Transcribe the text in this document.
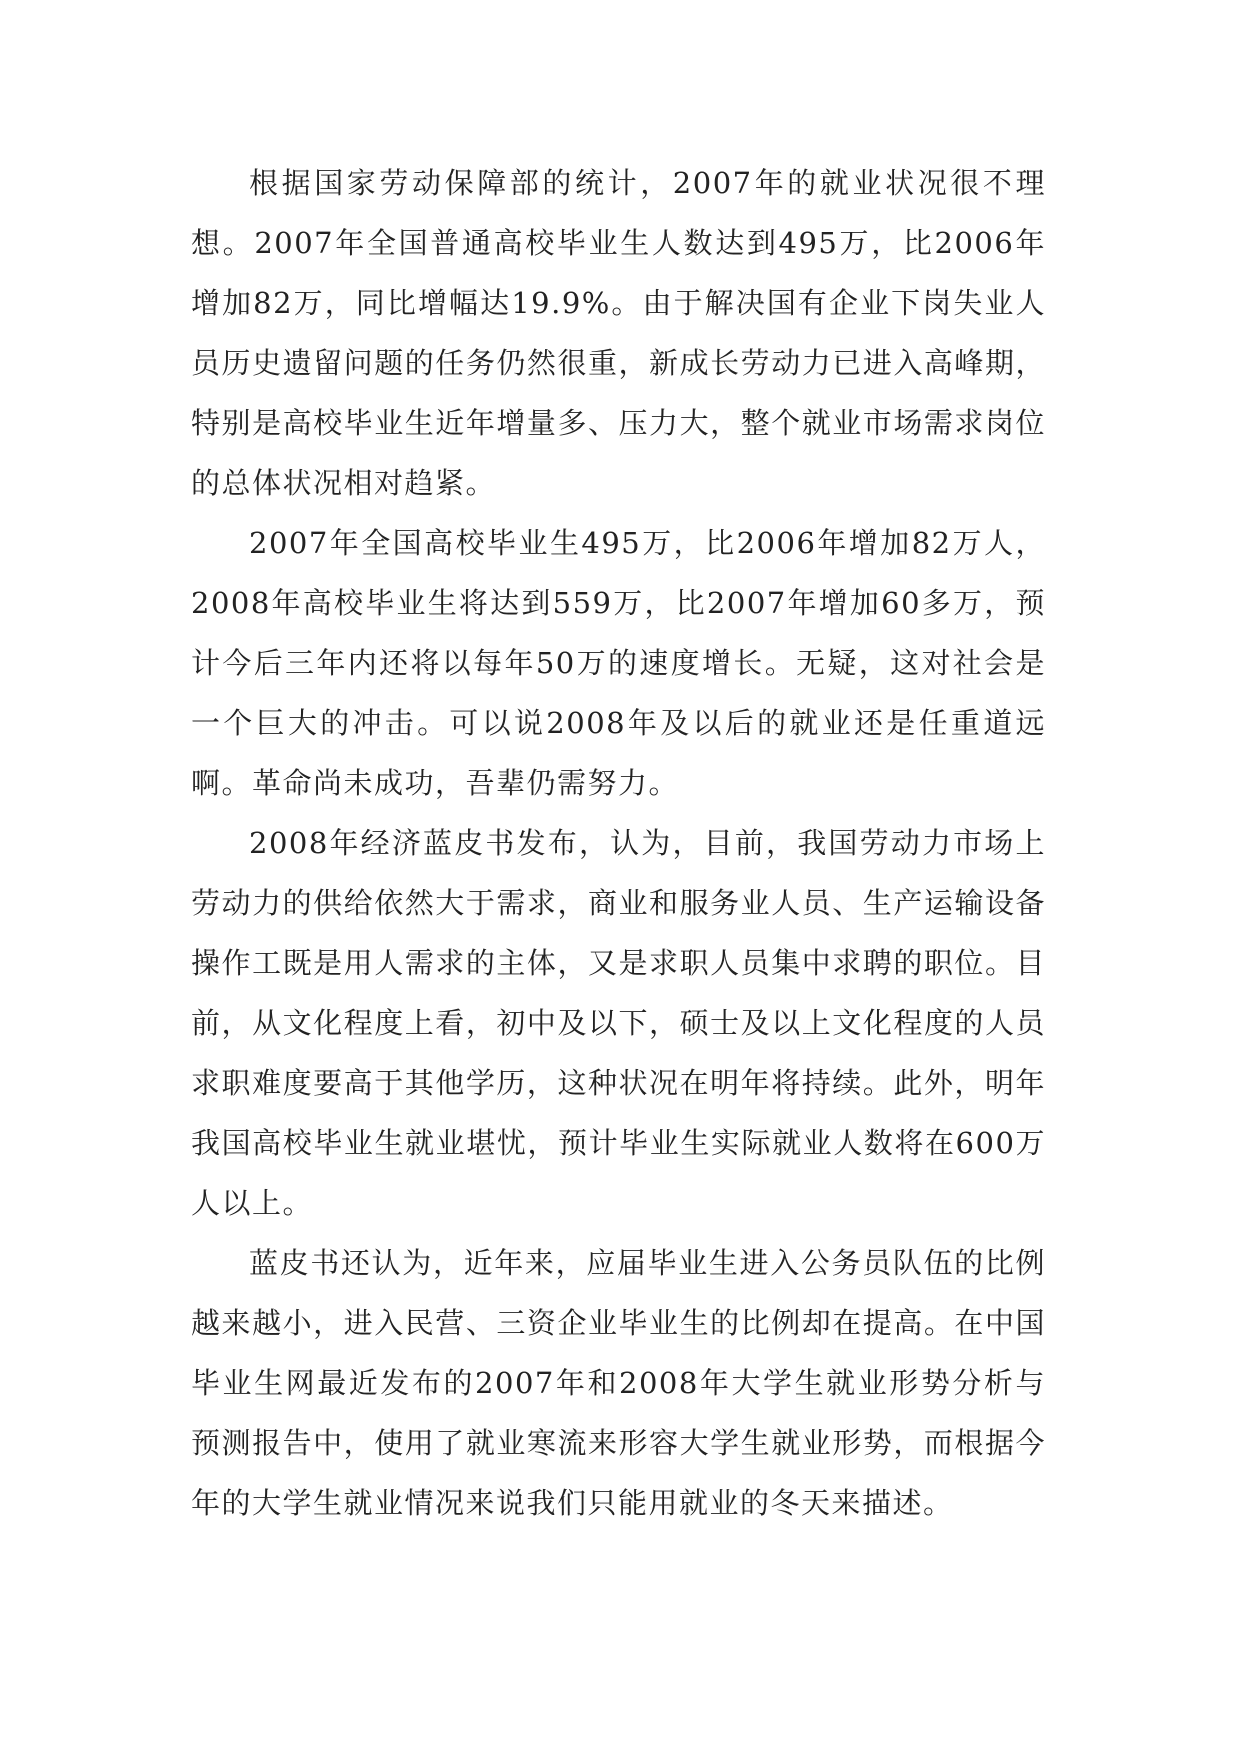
根据国家劳动保障部的统计，2007年的就业状况很不理想。2007年全国普通高校毕业生人数达到495万，比2006年增加82万，同比增幅达19.9%。由于解决国有企业下岗失业人员历史遗留问题的任务仍然很重，新成长劳动力已进入高峰期，特别是高校毕业生近年增量多、压力大，整个就业市场需求岗位的总体状况相对趋紧。

2007年全国高校毕业生495万，比2006年增加82万人，2008年高校毕业生将达到559万，比2007年增加60多万，预计今后三年内还将以每年50万的速度增长。无疑，这对社会是一个巨大的冲击。可以说2008年及以后的就业还是任重道远啊。革命尚未成功，吾辈仍需努力。

2008年经济蓝皮书发布，认为，目前，我国劳动力市场上劳动力的供给依然大于需求，商业和服务业人员、生产运输设备操作工既是用人需求的主体，又是求职人员集中求聘的职位。目前，从文化程度上看，初中及以下，硕士及以上文化程度的人员求职难度要高于其他学历，这种状况在明年将持续。此外，明年我国高校毕业生就业堪忧，预计毕业生实际就业人数将在600万人以上。

蓝皮书还认为，近年来，应届毕业生进入公务员队伍的比例越来越小，进入民营、三资企业毕业生的比例却在提高。在中国毕业生网最近发布的2007年和2008年大学生就业形势分析与预测报告中，使用了就业寒流来形容大学生就业形势，而根据今年的大学生就业情况来说我们只能用就业的冬天来描述。
